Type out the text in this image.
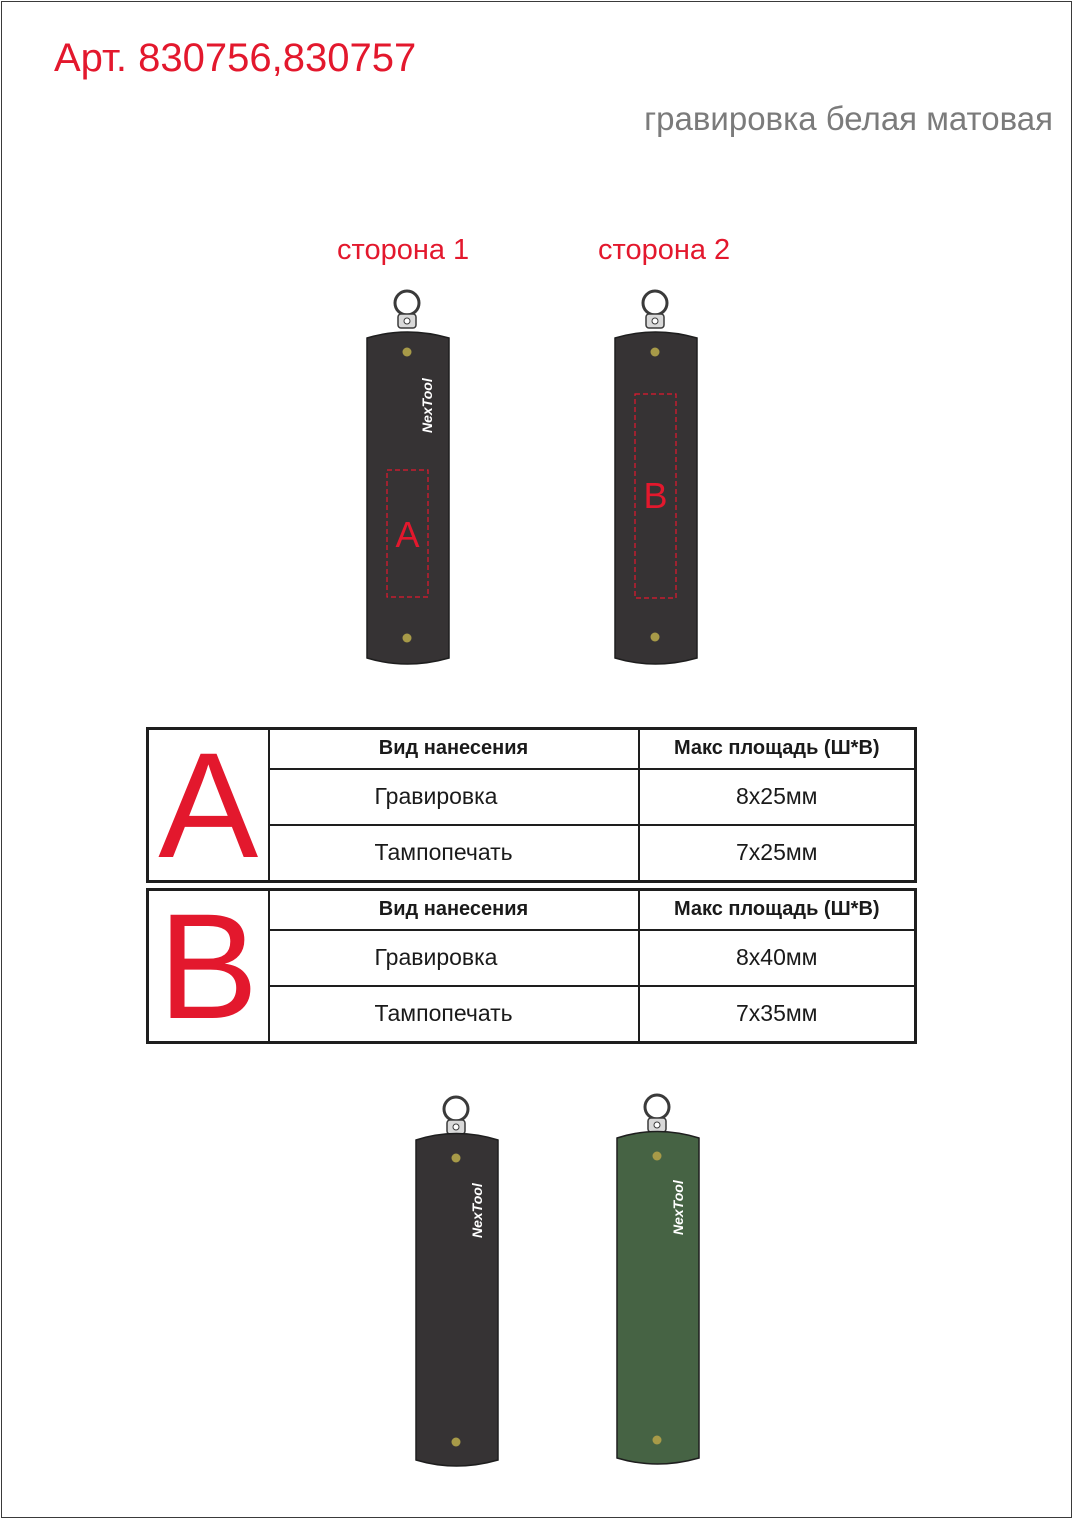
Арт. 830756,830757
гравировка белая матовая
сторона 1	сторона 2
NexTool
A
B
A	Вид нанесения	Макс площадь (Ш*В)
	Гравировка	8х25мм
	Тампопечать	7х25мм
B	Вид нанесения	Макс площадь (Ш*В)
	Гравировка	8х40мм
	Тампопечать	7х35мм
NexTool	NexTool
